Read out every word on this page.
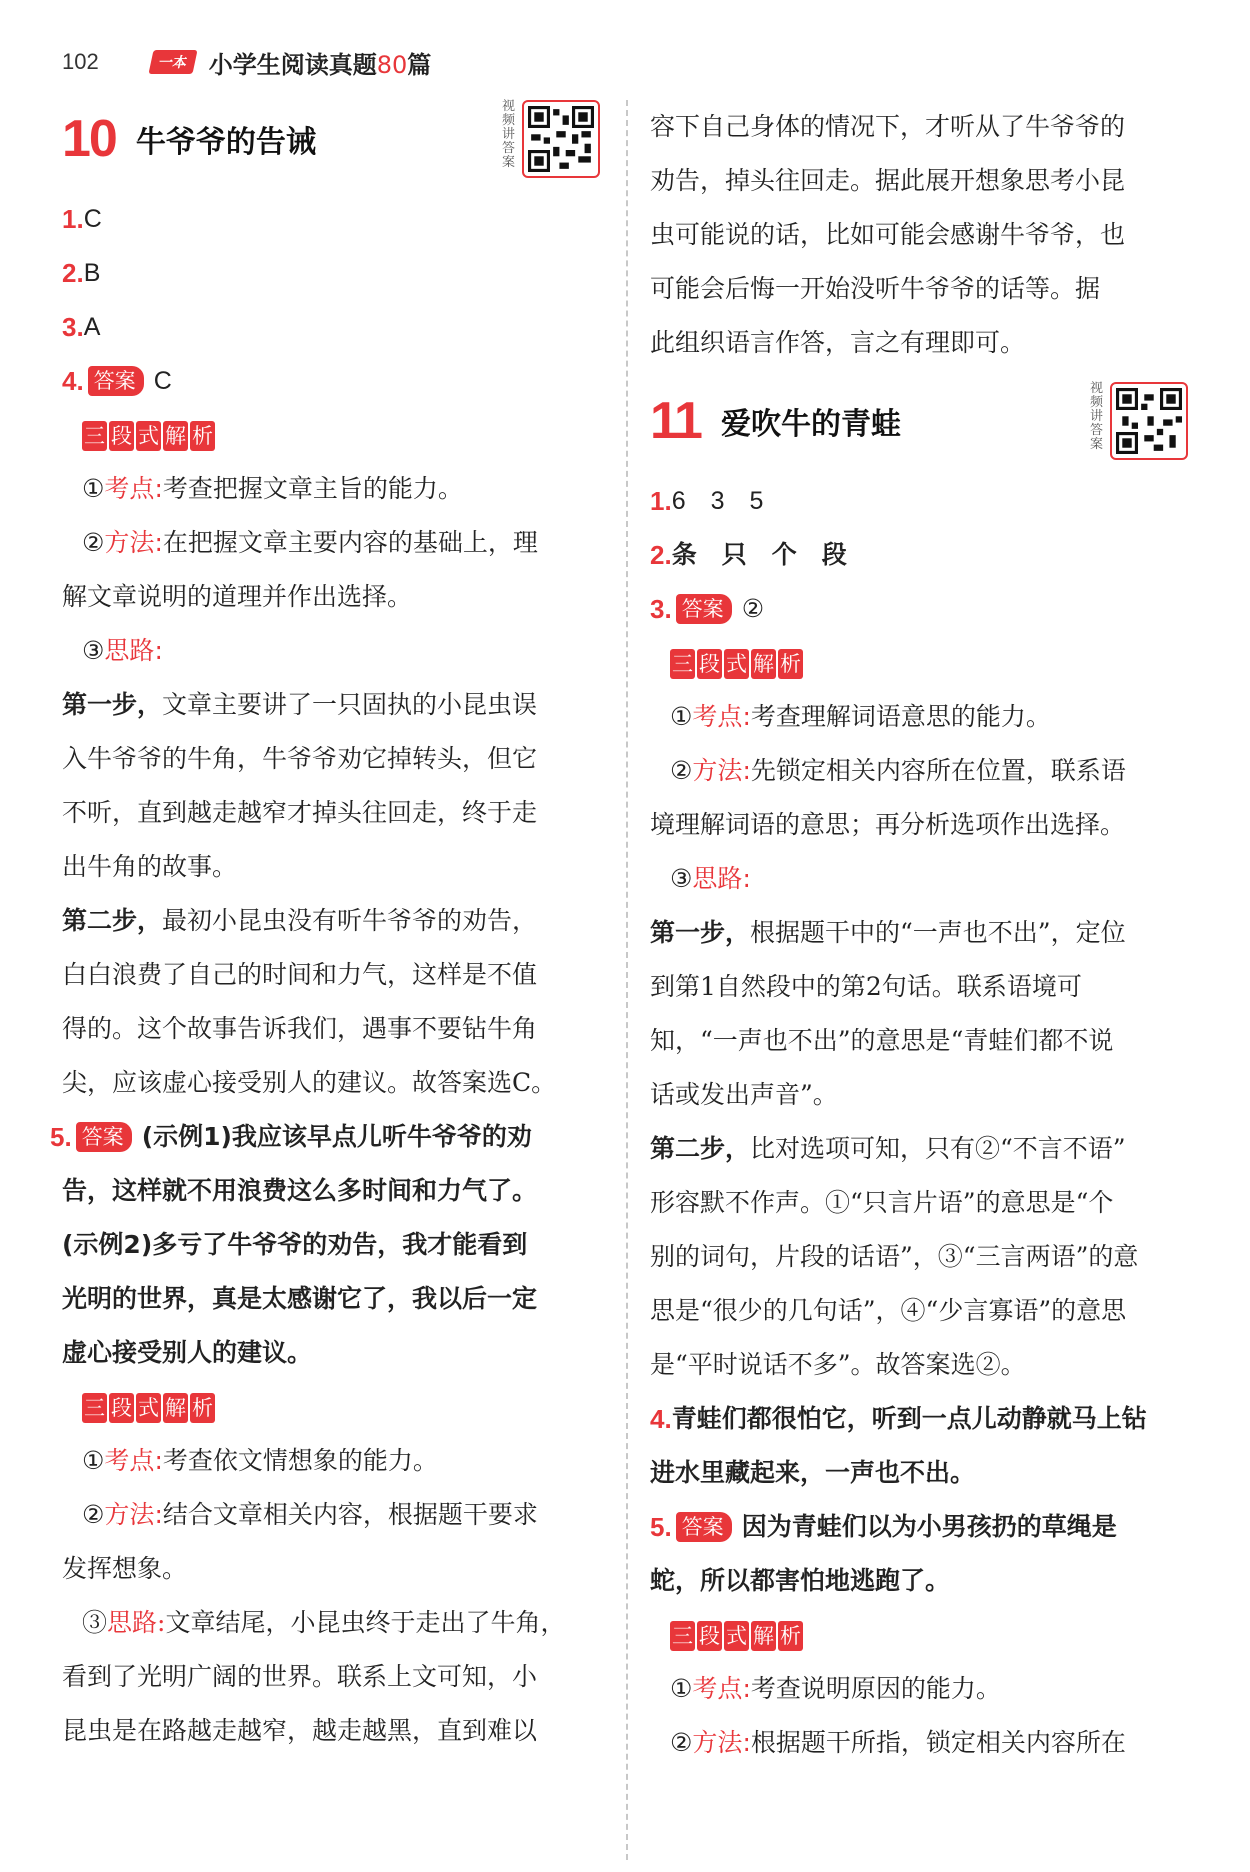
102	一本 小学生阅读真题80篇
10 牛爷爷的告诫
视频讲答案
1. C
2. B
3. A
4. 答案 C
三 段 式 解 析
①考点:考查把握文章主旨的能力。
②方法:在把握文章主要内容的基础上，理
解文章说明的道理并作出选择。
③思路:
第一步，文章主要讲了一只固执的小昆虫误
入牛爷爷的牛角，牛爷爷劝它掉转头，但它
不听，直到越走越窄才掉头往回走，终于走
出牛角的故事。
第二步，最初小昆虫没有听牛爷爷的劝告，
白白浪费了自己的时间和力气，这样是不值
得的。这个故事告诉我们，遇事不要钻牛角
尖，应该虚心接受别人的建议。故答案选C。
5. 答案 (示例1)我应该早点儿听牛爷爷的劝
告，这样就不用浪费这么多时间和力气了。
(示例2)多亏了牛爷爷的劝告，我才能看到
光明的世界，真是太感谢它了，我以后一定
虚心接受别人的建议。
三 段 式 解 析
①考点:考查依文情想象的能力。
②方法:结合文章相关内容，根据题干要求
发挥想象。
③思路:文章结尾，小昆虫终于走出了牛角，
看到了光明广阔的世界。联系上文可知，小
昆虫是在路越走越窄，越走越黑，直到难以
容下自己身体的情况下，才听从了牛爷爷的
劝告，掉头往回走。据此展开想象思考小昆
虫可能说的话，比如可能会感谢牛爷爷，也
可能会后悔一开始没听牛爷爷的话等。据
此组织语言作答，言之有理即可。
11 爱吹牛的青蛙
视频讲答案
1. 6　3　5
2. 条　只　个　段
3. 答案 ②
三 段 式 解 析
①考点:考查理解词语意思的能力。
②方法:先锁定相关内容所在位置，联系语
境理解词语的意思；再分析选项作出选择。
③思路:
第一步，根据题干中的“一声也不出”，定位
到第1自然段中的第2句话。联系语境可
知，“一声也不出”的意思是“青蛙们都不说
话或发出声音”。
第二步，比对选项可知，只有②“不言不语”
形容默不作声。①“只言片语”的意思是“个
别的词句，片段的话语”，③“三言两语”的意
思是“很少的几句话”，④“少言寡语”的意思
是“平时说话不多”。故答案选②。
4. 青蛙们都很怕它，听到一点儿动静就马上钻
进水里藏起来，一声也不出。
5. 答案 因为青蛙们以为小男孩扔的草绳是
蛇，所以都害怕地逃跑了。
三 段 式 解 析
①考点:考查说明原因的能力。
②方法:根据题干所指，锁定相关内容所在
